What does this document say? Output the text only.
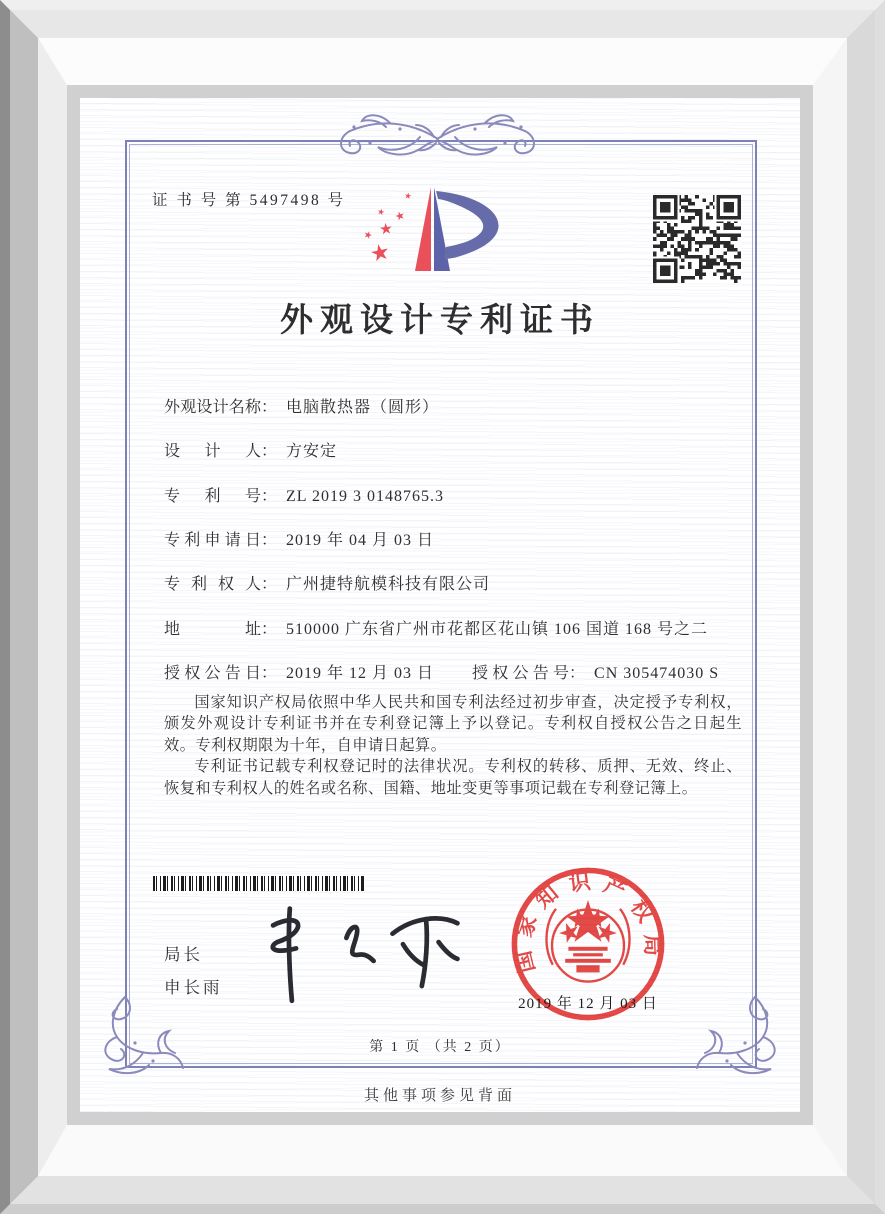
证 书 号 第 5497498 号
外观设计专利证书
外观设计名称： 电脑散热器（圆形）
设计人： 方安定
专利号： ZL 2019 3 0148765.3
专利申请日： 2019 年 04 月 03 日
专利权人： 广州捷特航模科技有限公司
地址： 510000 广东省广州市花都区花山镇 106 国道 168 号之二
授权公告日： 2019 年 12 月 03 日 授权公告号： CN 305474030 S

国家知识产权局依照中华人民共和国专利法经过初步审查，决定授予专利权，颁发外观设计专利证书并在专利登记簿上予以登记。专利权自授权公告之日起生效。专利权期限为十年，自申请日起算。

专利证书记载专利权登记时的法律状况。专利权的转移、质押、无效、终止、恢复和专利权人的姓名或名称、国籍、地址变更等事项记载在专利登记簿上。

局长
申长雨
国家知识产权局
2019 年 12 月 03 日
第 1 页 （共 2 页）
其他事项参见背面
